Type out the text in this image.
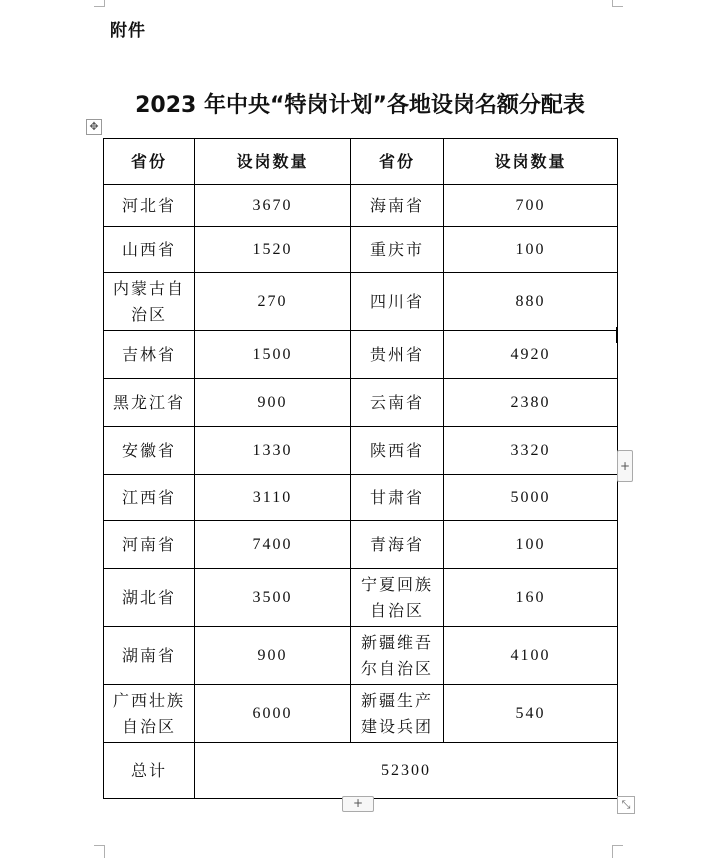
附件
2023 年中央“特岗计划”各地设岗名额分配表
✥
省份	设岗数量	省份	设岗数量
河北省	3670	海南省	700
山西省	1520	重庆市	100
内蒙古自治区	270	四川省	880
吉林省	1500	贵州省	4920
黑龙江省	900	云南省	2380
安徽省	1330	陕西省	3320
江西省	3110	甘肃省	5000
河南省	7400	青海省	100
湖北省	3500	宁夏回族自治区	160
湖南省	900	新疆维吾尔自治区	4100
广西壮族自治区	6000	新疆生产建设兵团	540
总计	52300		
+
+	⤡
